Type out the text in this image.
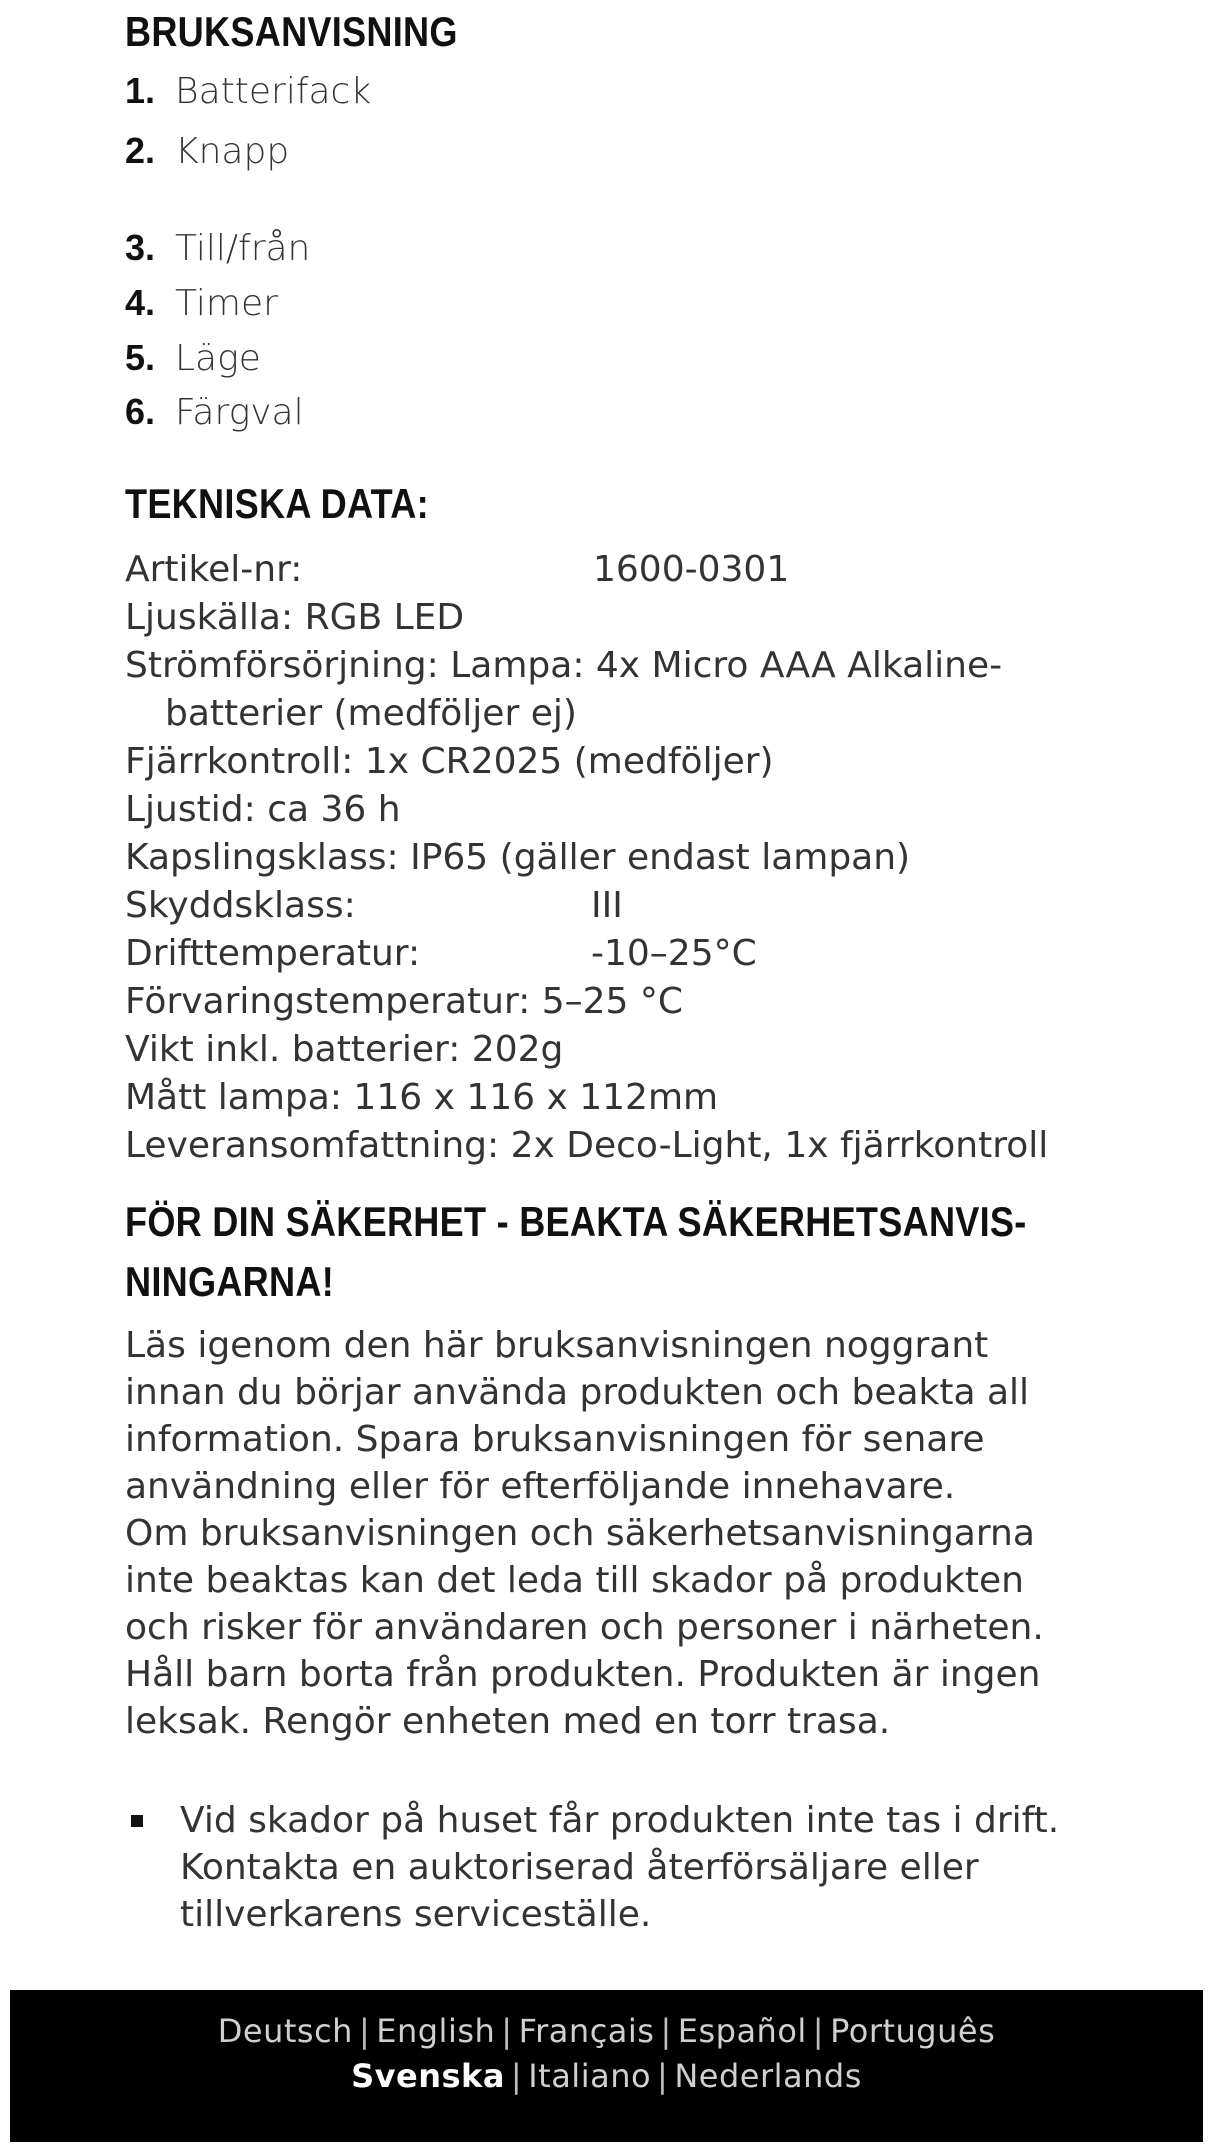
BRUKSANVISNING
1. Batterifack
2. Knapp
3. Till/från
4. Timer
5. Läge
6. Färgval
TEKNISKA DATA:
Artikel-nr:	1600-0301
Ljuskälla: RGB LED
Strömförsörjning: Lampa: 4x Micro AAA Alkaline-
batterier (medföljer ej)
Fjärrkontroll: 1x CR2025 (medföljer)
Ljustid: ca 36 h
Kapslingsklass: IP65 (gäller endast lampan)
Skyddsklass:	III
Drifttemperatur:	-10–25°C
Förvaringstemperatur: 5–25 °C
Vikt inkl. batterier: 202g
Mått lampa: 116 x 116 x 112mm
Leveransomfattning: 2x Deco-Light, 1x fjärrkontroll
FÖR DIN SÄKERHET - BEAKTA SÄKERHETSANVIS-
NINGARNA!
Läs igenom den här bruksanvisningen noggrant innan du börjar använda produkten och beakta all information. Spara bruksanvisningen för senare användning eller för efterföljande innehavare.
Om bruksanvisningen och säkerhetsanvisningarna inte beaktas kan det leda till skador på produkten och risker för användaren och personer i närheten. Håll barn borta från produkten. Produkten är ingen leksak. Rengör enheten med en torr trasa.
Vid skador på huset får produkten inte tas i drift. Kontakta en auktoriserad återförsäljare eller tillverkarens serviceställe.
Deutsch | English | Français | Español | Português
Svenska | Italiano | Nederlands
